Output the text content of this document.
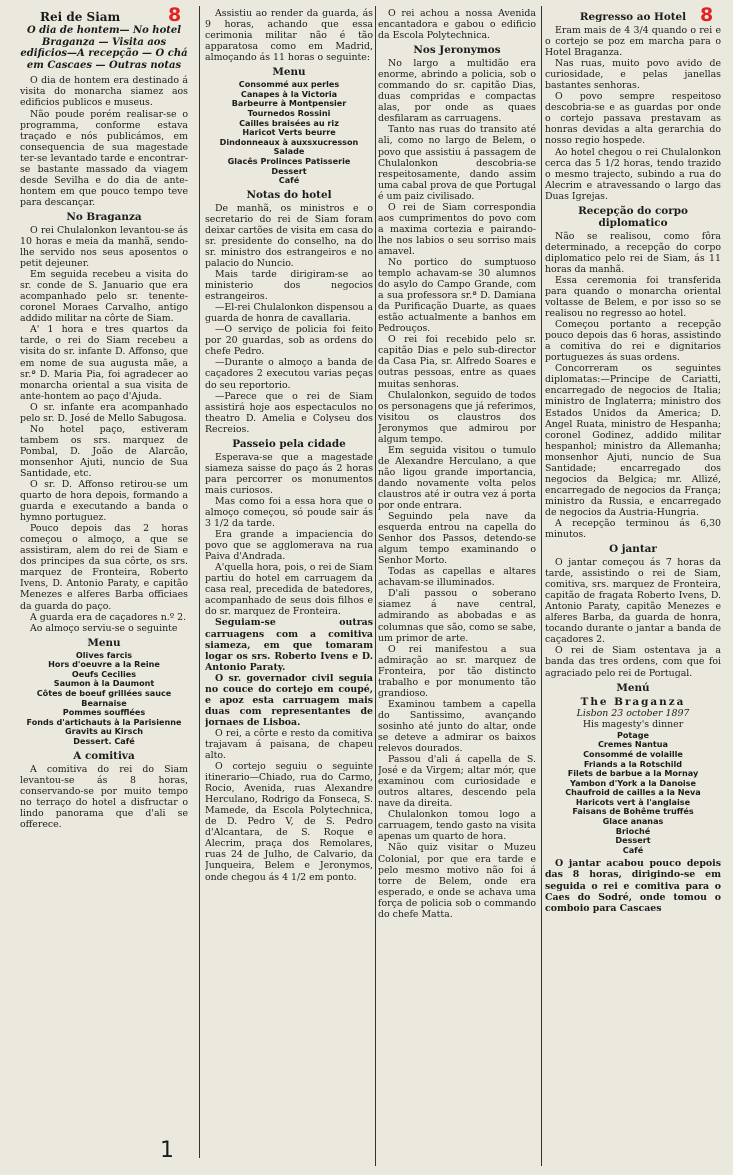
8	8
Rei de Siam
O dia de hontem— No hotel Braganza — Visita aos edificios—A recepção — O chá em Cascaes — Outras notas

O dia de hontem era destinado á visita do monarcha siamez aos edificios publicos e museus.

Não poude porém realisar-se o programma, conforme estava traçado e nós publicámos, em consequencia de sua magestade ter-se levantado tarde e encontrar-se bastante massado da viagem desde Sevilha e do dia de ante-hontem em que pouco tempo teve para descançar.

No Braganza

O rei Chulalonkon levantou-se ás 10 horas e meia da manhã, sendo-lhe servido nos seus aposentos o petit dejeuner.

Em seguida recebeu a visita do sr. conde de S. Januario que era acompanhado pelo sr. tenente-coronel Moraes Carvalho, antigo addido militar na côrte de Siam.

A' 1 hora e tres quartos da tarde, o rei do Siam recebeu a visita do sr. infante D. Affonso, que em nome de sua augusta mãe, a sr.ª D. Maria Pia, foi agradecer ao monarcha oriental a sua visita de ante-hontem ao paço d'Ajuda.

O sr. infante era acompanhado pelo sr. D. José de Mello Sabugosa.

No hotel paço, estiveram tambem os srs. marquez de Pombal, D. João de Alarcão, monsenhor Ajuti, nuncio de Sua Santidade, etc.

O sr. D. Affonso retirou-se um quarto de hora depois, formando a guarda e executando a banda o hymno portuguez.

Pouco depois das 2 horas começou o almoço, a que se assistiram, alem do rei de Siam e dos principes da sua côrte, os srs. marquez de Fronteira, Roberto Ivens, D. Antonio Paraty, e capitão Menezes e alferes Barba officiaes da guarda do paço.

A guarda era de caçadores n.º 2.

Ao almoço serviu-se o seguinte

Menu
Olives farcis
Hors d'oeuvre a la Reine
Oeufs Cecilies
Saumon à la Daumont
Côtes de boeuf grillées sauce Bearnaise
Pommes soufflées
Fonds d'artichauts à la Parisienne
Gravits au Kirsch
Dessert. Café
A comitiva

A comitiva do rei do Siam levantou-se ás 8 horas, conservando-se por muito tempo no terraço do hotel a disfructar o lindo panorama que d'ali se offerece.

Assistiu ao render da guarda, ás 9 horas, achando que essa cerimonia militar não é tão apparatosa como em Madrid, almoçando ás 11 horas o seguinte:

Menu
Consommé aux perles
Canapes à la Victoria
Barbeurre à Montpensier
Tournedos Rossini
Cailles braisées au riz
Haricot Verts beurre
Dindonneaux à auxsxucresson
Salade
Glacês Prolinces Patisserie
Dessert
Café
Notas do hotel

De manhã, os ministros e o secretario do rei de Siam foram deixar cartões de visita em casa do sr. presidente do conselho, na do sr. ministro dos estrangeiros e no palacio do Nuncio.

Mais tarde dirigiram-se ao ministerio dos negocios estrangeiros.

—El-rei Chulalonkon dispensou a guarda de honra de cavallaria.

—O serviço de policia foi feito por 20 guardas, sob as ordens do chefe Pedro.

—Durante o almoço a banda de caçadores 2 executou varias peças do seu reportorio.

—Parece que o rei de Siam assistirá hoje aos espectaculos no theatro D. Amelia e Colyseu dos Recreios.

Passeio pela cidade

Esperava-se que a magestade siameza saisse do paço ás 2 horas para percorrer os monumentos mais curiosos.

Mas como foi a essa hora que o almoço começou, só poude sair ás 3 1/2 da tarde.

Era grande a impaciencia do povo que se agglomerava na rua Paiva d'Andrada.

A'quella hora, pois, o rei de Siam partiu do hotel em carruagem da casa real, precedida de batedores, acompanhado de seus dois filhos e do sr. marquez de Fronteira.

Seguiam-se outras carruagens com a comitiva siameza, em que tomaram logar os srs. Roberto Ivens e D. Antonio Paraty.

O sr. governador civil seguia no couce do cortejo em coupé, e apoz esta carruagem mais duas com representantes de jornaes de Lisboa.

O rei, a côrte e resto da comitiva trajavam á paisana, de chapeu alto.

O cortejo seguiu o seguinte itinerario—Chiado, rua do Carmo, Rocio, Avenida, ruas Alexandre Herculano, Rodrigo da Fonseca, S. Mamede, da Escola Polytechnica, de D. Pedro V, de S. Pedro d'Alcantara, de S. Roque e Alecrim, praça dos Remolares, ruas 24 de Julho, de Calvario, da Junqueira, Belem e Jeronymos, onde chegou ás 4 1/2 em ponto.

O rei achou a nossa Avenida encantadora e gabou o edificio da Escola Polytechnica.

Nos Jeronymos

No largo a multidão era enorme, abrindo a policia, sob o commando do sr. capitão Dias, duas compridas e compactas alas, por onde as quaes desfilaram as carruagens.

Tanto nas ruas do transito até ali, como no largo de Belem, o povo que assistiu á passagem de Chulalonkon descobria-se respeitosamente, dando assim uma cabal prova de que Portugal é um paiz civilisado.

O rei de Siam correspondia aos cumprimentos do povo com a maxima cortezia e pairando-lhe nos labios o seu sorriso mais amavel.

No portico do sumptuoso templo achavam-se 30 alumnos do asylo do Campo Grande, com a sua professora sr.ª D. Damiana da Purificação Duarte, as quaes estão actualmente a banhos em Pedrouços.

O rei foi recebido pelo sr. capitão Dias e pelo sub-director da Casa Pia, sr. Alfredo Soares e outras pessoas, entre as quaes muitas senhoras.

Chulalonkon, seguido de todos os personagens que já referimos, visitou os claustros dos Jeronymos que admirou por algum tempo.

Em seguida visitou o tumulo de Alexandre Herculano, a que não ligou grande importancia, dando novamente volta pelos claustros até ir outra vez á porta por onde entrara.

Seguindo pela nave da esquerda entrou na capella do Senhor dos Passos, detendo-se algum tempo examinando o Senhor Morto.

Todas as capellas e altares achavam-se illuminados.

D'ali passou o soberano siamez á nave central, admirando as abobadas e as columnas que são, como se sabe, um primor de arte.

O rei manifestou a sua admiração ao sr. marquez de Fronteira, por tão distincto trabalho e por monumento tão grandioso.

Examinou tambem a capella do Santissimo, avançando sosinho até junto do altar, onde se deteve a admirar os baixos relevos dourados.

Passou d'ali á capella de S. José e da Virgem; altar mór, que examinou com curiosidade e outros altares, descendo pela nave da direita.

Chulalonkon tomou logo a carruagem, tendo gasto na visita apenas um quarto de hora.

Não quiz visitar o Muzeu Colonial, por que era tarde e pelo mesmo motivo não foi á torre de Belem, onde era esperado, e onde se achava uma força de policia sob o commando do chefe Matta.

Regresso ao Hotel

Eram mais de 4 3/4 quando o rei e o cortejo se poz em marcha para o Hotel Braganza.

Nas ruas, muito povo avido de curiosidade, e pelas janellas bastantes senhoras.

O povo sempre respeitoso descobria-se e as guardas por onde o cortejo passava prestavam as honras devidas a alta gerarchia do nosso regio hospede.

Ao hotel chegou o rei Chulalonkon cerca das 5 1/2 horas, tendo trazido o mesmo trajecto, subindo a rua do Alecrim e atravessando o largo das Duas Igrejas.

Recepção do corpo diplomatico

Não se realisou, como fôra determinado, a recepção do corpo diplomatico pelo rei de Siam, ás 11 horas da manhã.

Essa ceremonia foi transferida para quando o monarcha oriental voltasse de Belem, e por isso so se realisou no regresso ao hotel.

Começou portanto a recepção pouco depois das 6 horas, assistindo a comitiva do rei e dignitarios portuguezes ás suas ordens.

Concorreram os seguintes diplomatas:—Principe de Cariatti, encarregado de negocios de Italia; ministro de Inglaterra; ministro dos Estados Unidos da America; D. Angel Ruata, ministro de Hespanha; coronel Godinez, addido militar hespanhol; ministro da Allemanha; monsenhor Ajuti, nuncio de Sua Santidade; encarregado dos negocios da Belgica; mr. Allizé, encarregado de negocios da França; ministro da Russia, e encarregado de negocios da Austria-Hungria.

A recepção terminou ás 6,30 minutos.

O jantar

O jantar começou ás 7 horas da tarde, assistindo o rei de Siam, comitiva, srs. marquez de Fronteira, capitão de fragata Roberto Ivens, D. Antonio Paraty, capitão Menezes e alferes Barba, da guarda de honra, tocando durante o jantar a banda de caçadores 2.

O rei de Siam ostentava ja a banda das tres ordens, com que foi agraciado pelo rei de Portugal.

Menú
The Braganza
Lisbon 23 october 1897
His magesty's dinner
Potage
Cremes Nantua
Consommé de volaille
Friands a la Rotschild
Filets de barbue a la Mornay
Yambon d'York a la Danoise
Chaufroid de cailles a la Neva
Haricots vert à l'anglaise
Faisans de Bohême truffés
Glace ananas
Brioché
Dessert
Café

O jantar acabou pouco depois das 8 horas, dirigindo-se em seguida o rei e comitiva para o Caes do Sodré, onde tomou o comboio para Cascaes

1
